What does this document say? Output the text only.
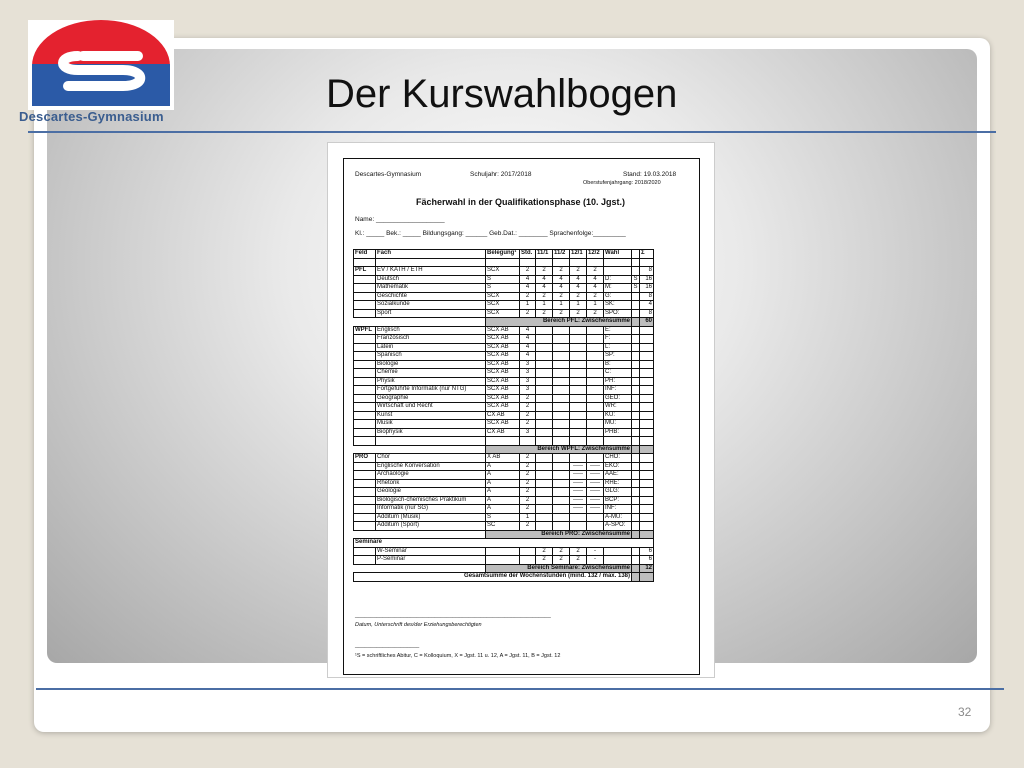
Descartes-Gymnasium
Der Kurswahlbogen
Descartes-Gymnasium	Schuljahr: 2017/2018	Stand: 19.03.2018
Oberstufenjahrgang: 2018/2020
Fächerwahl in der Qualifikationsphase (10. Jgst.)
Name: ___________________
Kl.: _____ Bek.: _____ Bildungsgang: ______ Geb.Dat.: ________ Sprachenfolge:_________
Feld	Fach	Belegung¹	Std.	11/1	11/2	12/1	12/2	Wahl		Σ

PFL	EV / KATH / ETH	SCX	2	2	2	2	2			8
	Deutsch	S	4	4	4	4	4	D:	S	16
	Mathematik	S	4	4	4	4	4	M:	S	16
	Geschichte	SCX	2	2	2	2	2	G:		8
	Sozialkunde	SCX	1	1	1	1	1	SK:		4
	Sport	SCX	2	2	2	2	2	SPO:		8
		Bereich PFL: Zwischensumme								60
WPFL	Englisch	SCX AB	4					E:		
	Französisch	SCX AB	4					F:		
	Latein	SCX AB	4					L:		
	Spanisch	SCX AB	4					SP:		
	Biologie	SCX AB	3					B:		
	Chemie	SCX AB	3					C:		
	Physik	SCX AB	3					PH:		
	Fortgeführte Informatik (nur NTG)	SCX AB	3					INF:		
	Geographie	SCX AB	2					GEO:		
	Wirtschaft und Recht	SCX AB	2					WR:		
	Kunst	CX AB	2					KU:		
	Musik	SCX AB	2					MU:		
	Biophysik	CX AB	3					PHB:		

		Bereich WPFL: Zwischensumme								
PRO	Chor	X AB	2					CHO:		
	Englische Konversation	A	2			-----	-----	EKO:		
	Archäologie	A	2			-----	-----	AAE:		
	Rhetorik	A	2			-----	-----	RHE:		
	Geologie	A	2			-----	-----	GLG:		
	Biologisch-chemisches Praktikum	A	2			-----	-----	BCP:		
	Informatik (nur SG)	A	2			-----	-----	INF:		
	Additum (Musik)	S	1					A-MU:		
	Additum (Sport)	SC	2					A-SPO:		
		Bereich PRO: Zwischensumme								
Seminare										
	W-Seminar			2	2	2	-			6
	P-Seminar			2	2	2	-			6
		Bereich Seminare: Zwischensumme								12
Gesamtsumme der Wochenstunden (mind. 132 / max. 138)										
________________________________________________________________
Datum, Unterschrift des/der Erziehungsberechtigten
_____________________
¹S = schriftliches Abitur, C = Kolloquium, X = Jgst. 11 u. 12, A = Jgst. 11, B = Jgst. 12
32
